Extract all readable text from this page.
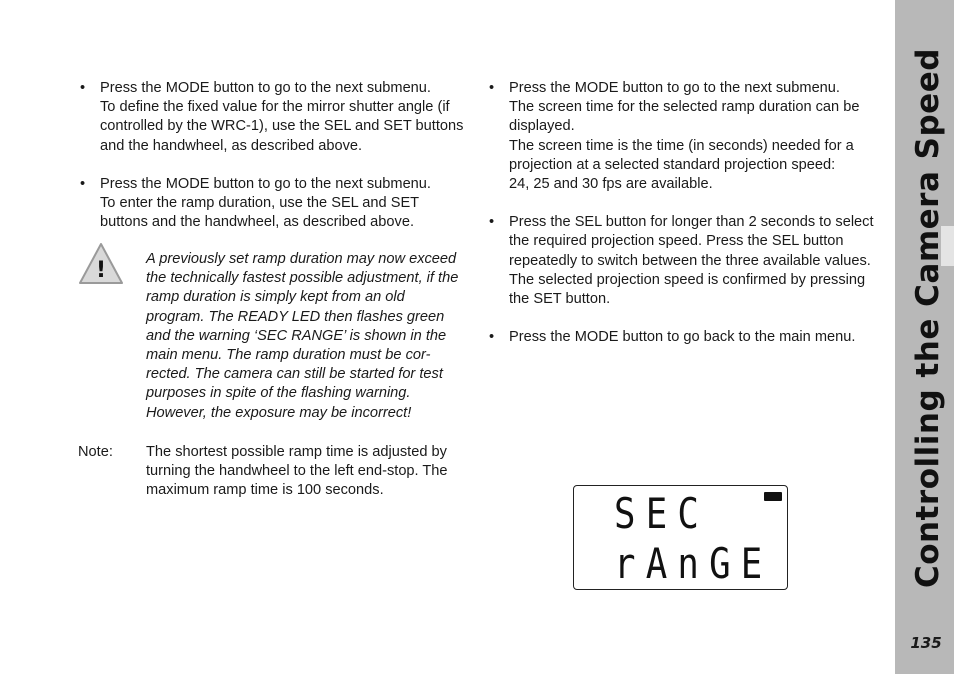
• Press the MODE button to go to the next submenu.

To define the fixed value for the mirror shutter angle (if

controlled by the WRC-1), use the SEL and SET buttons

and the handwheel, as described above.

• Press the MODE button to go to the next submenu.

To enter the ramp duration, use the SEL and SET

buttons and the handwheel, as described above.

!	A previously set ramp duration may now exceed

the technically fastest possible adjustment, if the

ramp duration is simply kept from an old

program. The READY LED then flashes green

and the warning ‘SEC RANGE’ is shown in the

main menu. The ramp duration must be cor-

rected. The camera can still be started for test

purposes in spite of the flashing warning.

However, the exposure may be incorrect!

Note: The shortest possible ramp time is adjusted by

turning the handwheel to the left end-stop. The

maximum ramp time is 100 seconds.

• Press the MODE button to go to the next submenu.

The screen time for the selected ramp duration can be

displayed.

The screen time is the time (in seconds) needed for a

projection at a selected standard projection speed:

24, 25 and 30 fps are available.

• Press the SEL button for longer than 2 seconds to select

the required projection speed. Press the SEL button

repeatedly to switch between the three available values.

The selected projection speed is confirmed by pressing

the SET button.

• Press the MODE button to go back to the main menu.

SEC
rAnGE	Controlling the Camera Speed
135
